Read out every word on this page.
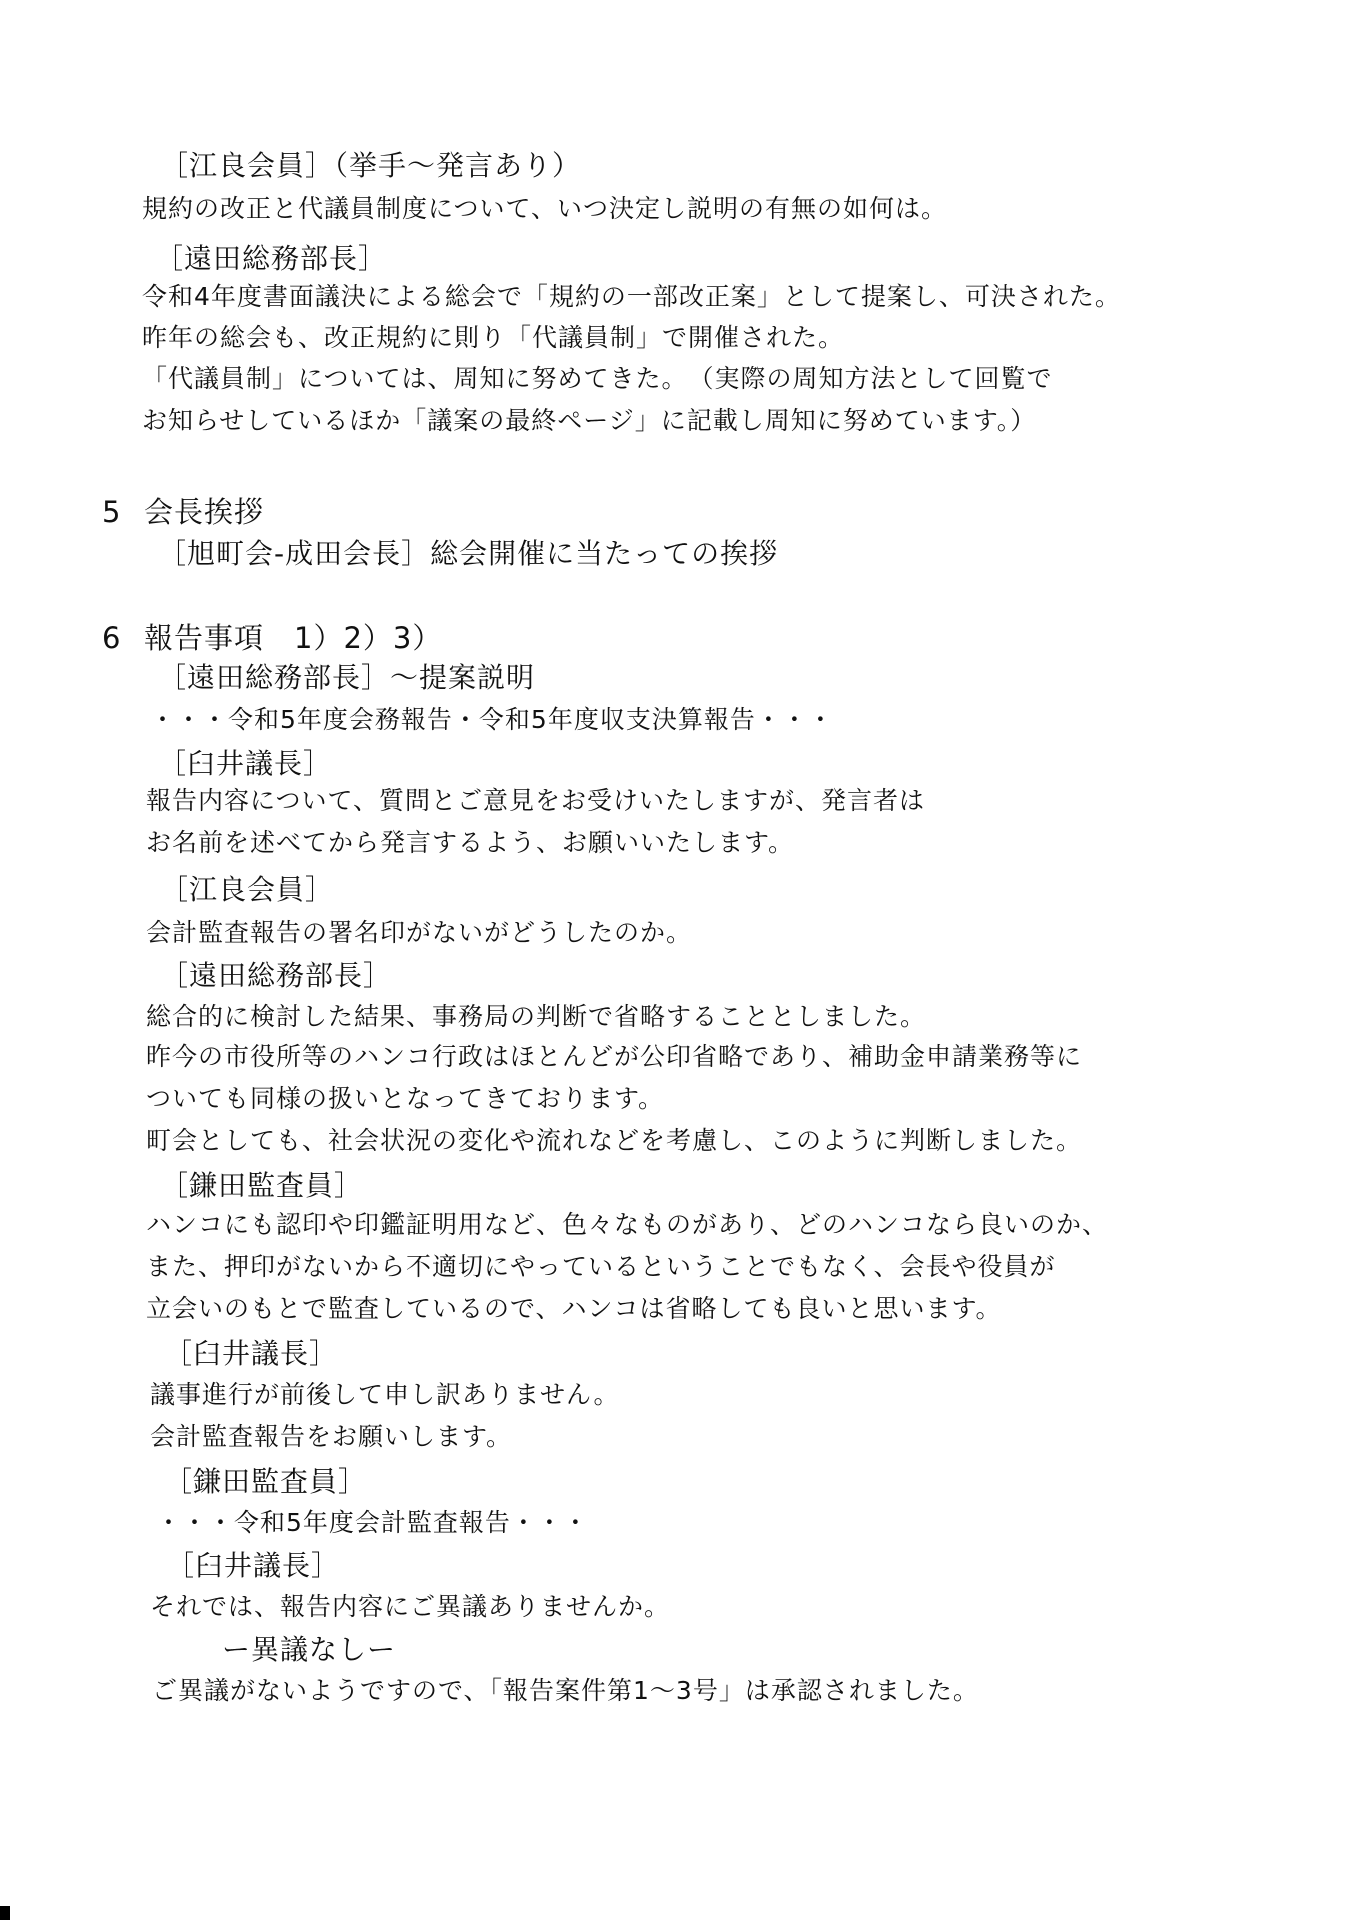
［江良会員］（挙手～発言あり）
規約の改正と代議員制度について、いつ決定し説明の有無の如何は。
［遠田総務部長］
令和4年度書面議決による総会で「規約の一部改正案」として提案し、可決された。
昨年の総会も、改正規約に則り「代議員制」で開催された。
「代議員制」については、周知に努めてきた。　（実際の周知方法として回覧で
お知らせしているほか「議案の最終ページ」に記載し周知に努めています。）
5 会長挨拶
［旭町会-成田会長］総会開催に当たっての挨拶
6 報告事項　1）2）3）
［遠田総務部長］～提案説明
・・・令和5年度会務報告・令和5年度収支決算報告・・・
［臼井議長］
報告内容について、質問とご意見をお受けいたしますが、発言者は
お名前を述べてから発言するよう、お願いいたします。
［江良会員］
会計監査報告の署名印がないがどうしたのか。
［遠田総務部長］
総合的に検討した結果、事務局の判断で省略することとしました。
昨今の市役所等のハンコ行政はほとんどが公印省略であり、補助金申請業務等に
ついても同様の扱いとなってきております。
町会としても、社会状況の変化や流れなどを考慮し、このように判断しました。
［鎌田監査員］
ハンコにも認印や印鑑証明用など、色々なものがあり、どのハンコなら良いのか、
また、押印がないから不適切にやっているということでもなく、会長や役員が
立会いのもとで監査しているので、ハンコは省略しても良いと思います。
［臼井議長］
議事進行が前後して申し訳ありません。
会計監査報告をお願いします。
［鎌田監査員］
・・・令和5年度会計監査報告・・・
［臼井議長］
それでは、報告内容にご異議ありませんか。
ー異議なしー
ご異議がないようですので、「報告案件第1～3号」は承認されました。
